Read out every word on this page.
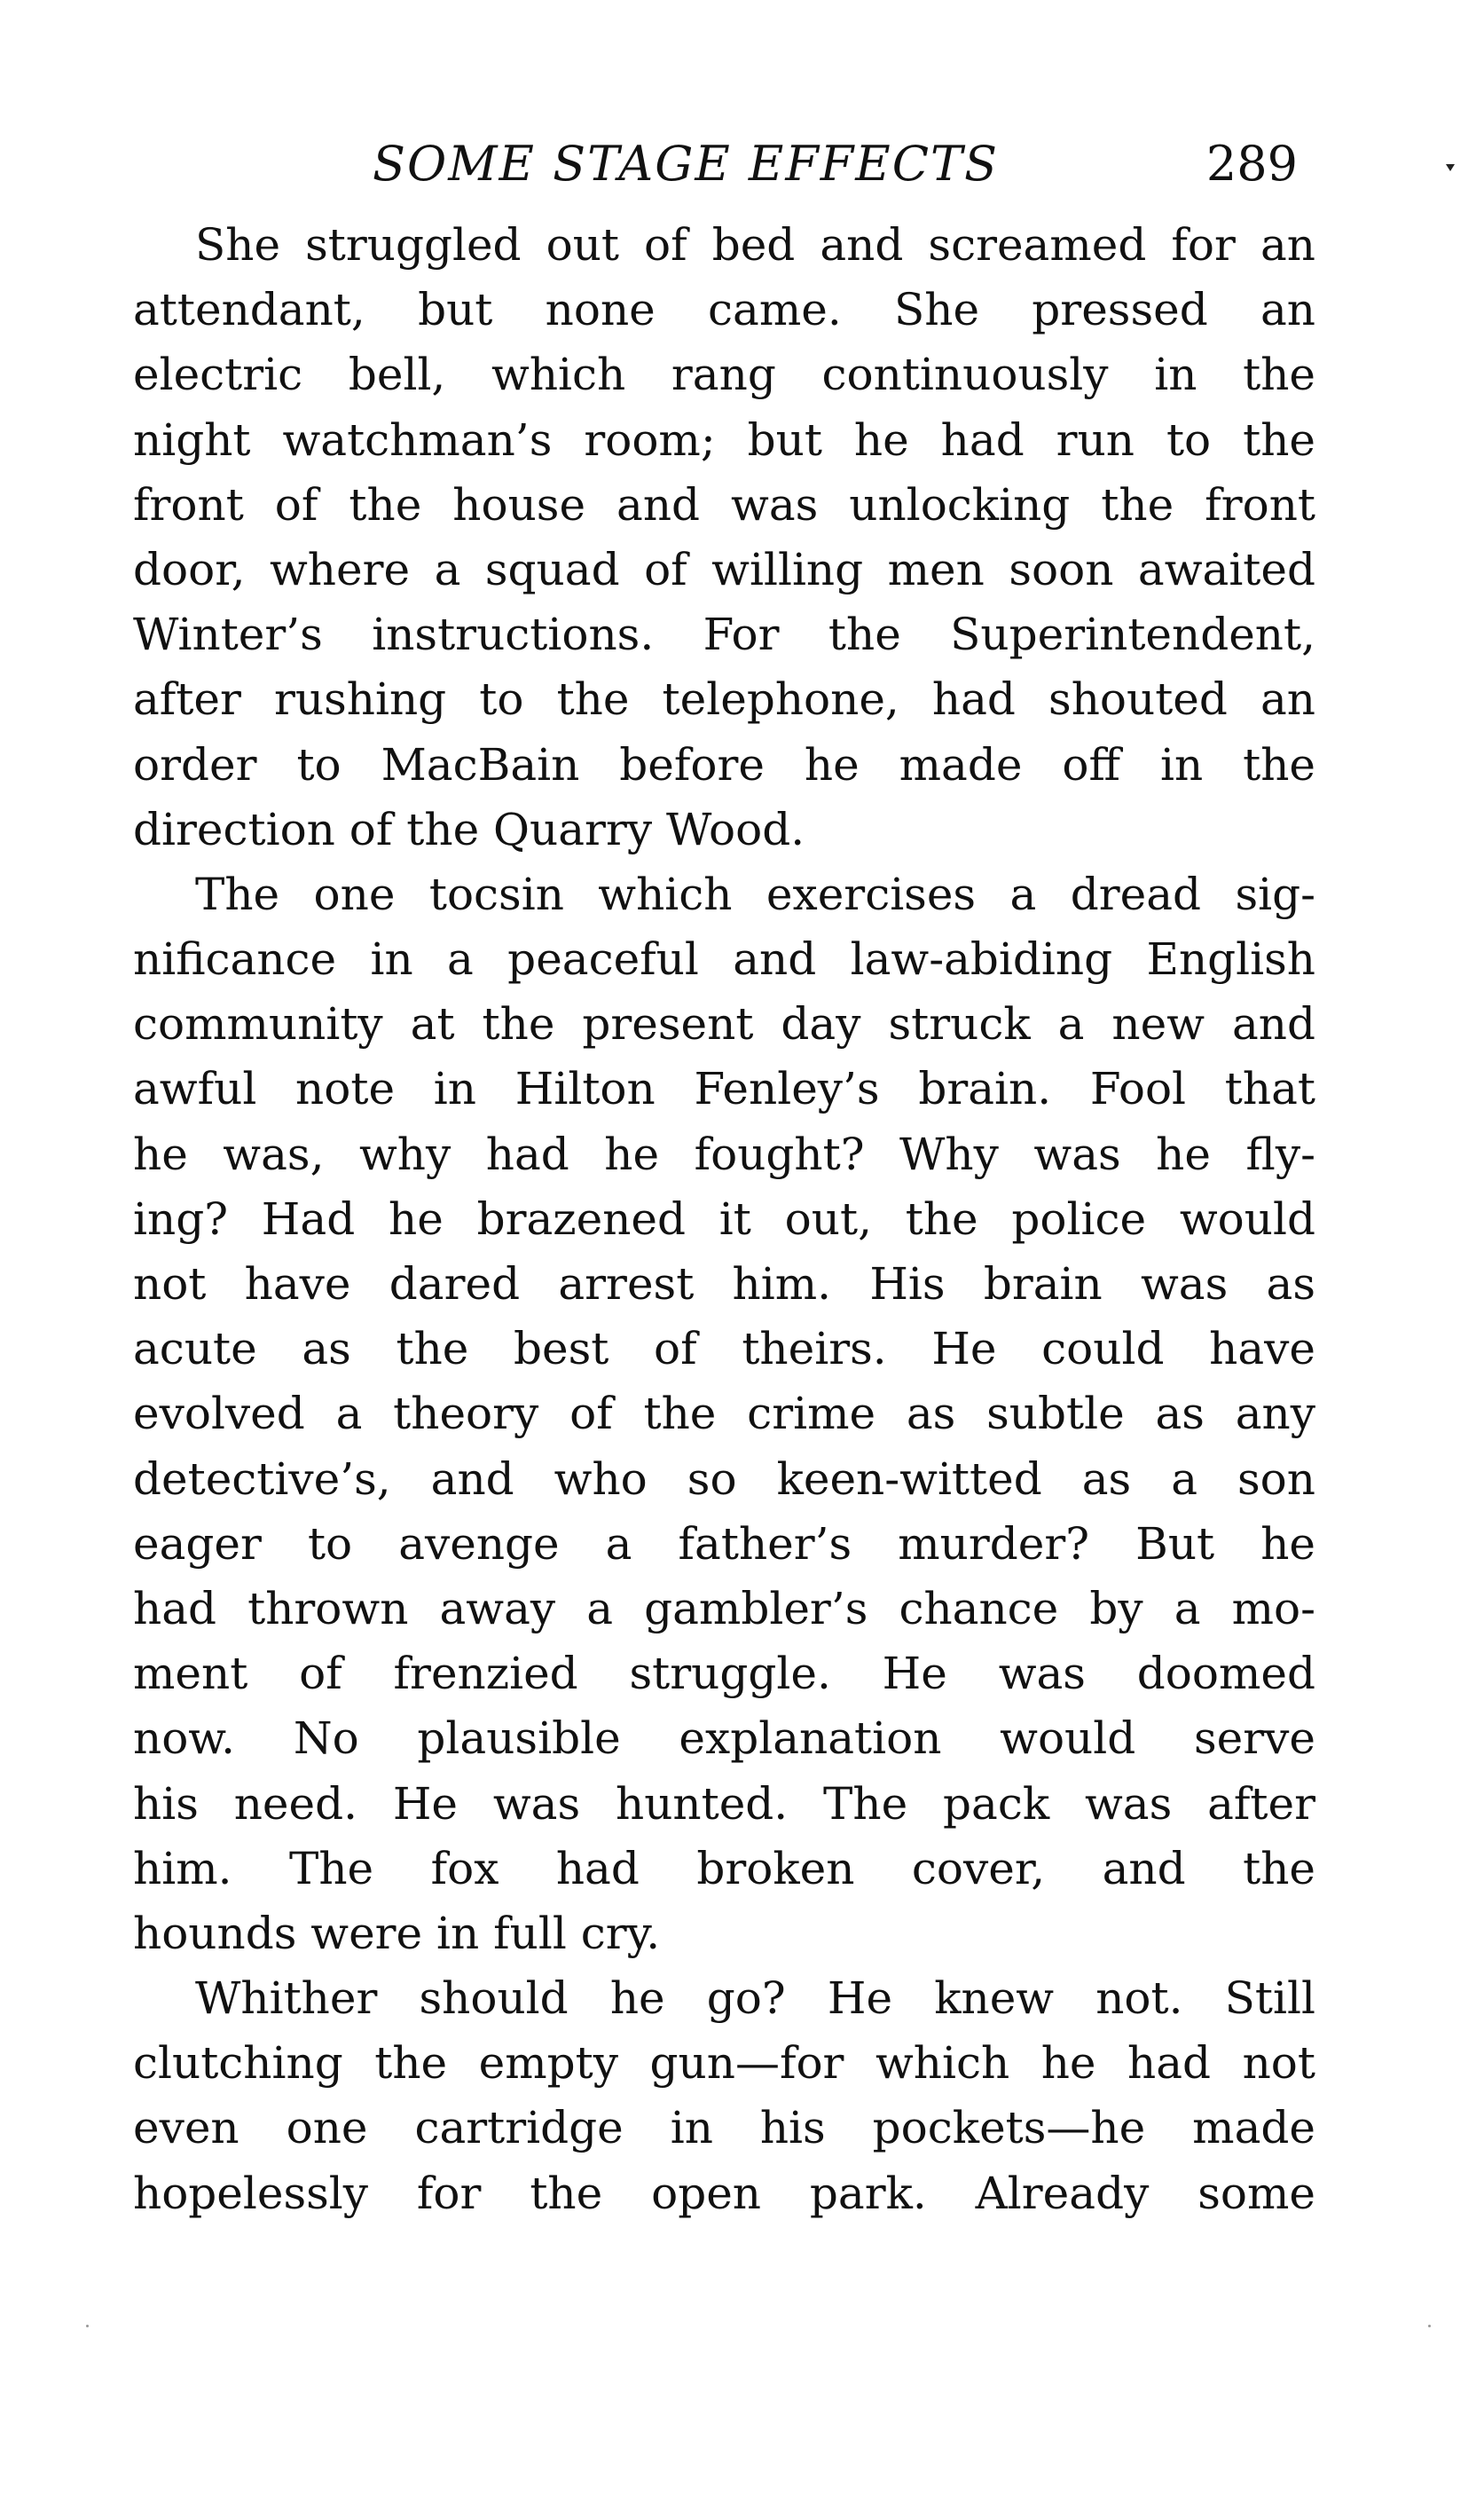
SOME STAGE EFFECTS	289
She struggled out of bed and screamed for an
attendant, but none came. She pressed an
electric bell, which rang continuously in the
night watchman’s room; but he had run to the
front of the house and was unlocking the front
door, where a squad of willing men soon awaited
Winter’s instructions. For the Superintendent,
after rushing to the telephone, had shouted an
order to MacBain before he made off in the
direction of the Quarry Wood.
The one tocsin which exercises a dread sig-
nificance in a peaceful and law-abiding English
community at the present day struck a new and
awful note in Hilton Fenley’s brain. Fool that
he was, why had he fought? Why was he fly-
ing? Had he brazened it out, the police would
not have dared arrest him. His brain was as
acute as the best of theirs. He could have
evolved a theory of the crime as subtle as any
detective’s, and who so keen-witted as a son
eager to avenge a father’s murder? But he
had thrown away a gambler’s chance by a mo-
ment of frenzied struggle. He was doomed
now. No plausible explanation would serve
his need. He was hunted. The pack was after
him. The fox had broken cover, and the
hounds were in full cry.
Whither should he go? He knew not. Still
clutching the empty gun—for which he had not
even one cartridge in his pockets—he made
hopelessly for the open park. Already some
